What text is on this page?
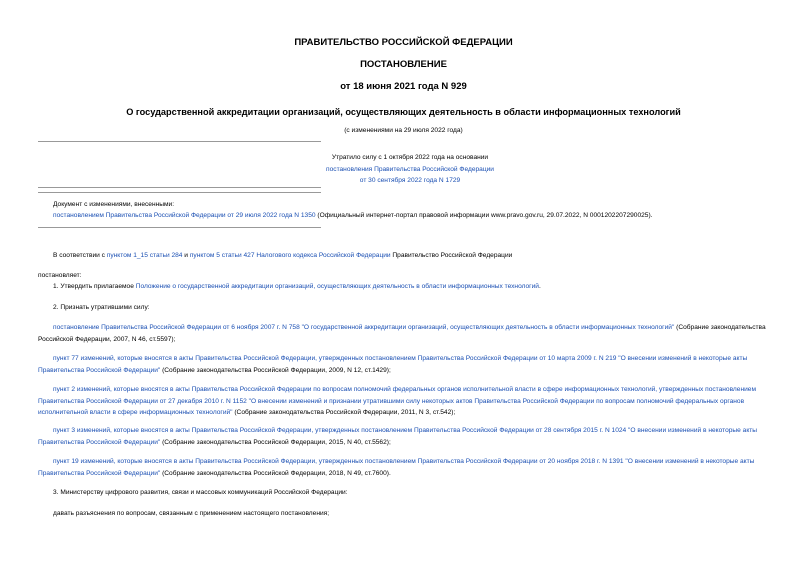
ПРАВИТЕЛЬСТВО РОССИЙСКОЙ ФЕДЕРАЦИИ
ПОСТАНОВЛЕНИЕ
от 18 июня 2021 года N 929
О государственной аккредитации организаций, осуществляющих деятельность в области информационных технологий
(с изменениями на 29 июля 2022 года)
Утратило силу с 1 октября 2022 года на основании
постановления Правительства Российской Федерации
от 30 сентября 2022 года N 1729
Документ с изменениями, внесенными:
постановлением Правительства Российской Федерации от 29 июля 2022 года N 1350 (Официальный интернет-портал правовой информации www.pravo.gov.ru, 29.07.2022, N 0001202207290025).
В соответствии с пунктом 1_15 статьи 284 и пунктом 5 статьи 427 Налогового кодекса Российской Федерации Правительство Российской Федерации
постановляет:
1. Утвердить прилагаемое Положение о государственной аккредитации организаций, осуществляющих деятельность в области информационных технологий.
2. Признать утратившими силу:
постановление Правительства Российской Федерации от 6 ноября 2007 г. N 758 "О государственной аккредитации организаций, осуществляющих деятельность в области информационных технологий" (Собрание законодательства Российской Федерации, 2007, N 46, ст.5597);
пункт 77 изменений, которые вносятся в акты Правительства Российской Федерации, утвержденных постановлением Правительства Российской Федерации от 10 марта 2009 г. N 219 "О внесении изменений в некоторые акты Правительства Российской Федерации" (Собрание законодательства Российской Федерации, 2009, N 12, ст.1429);
пункт 2 изменений, которые вносятся в акты Правительства Российской Федерации по вопросам полномочий федеральных органов исполнительной власти в сфере информационных технологий, утвержденных постановлением Правительства Российской Федерации от 27 декабря 2010 г. N 1152 "О внесении изменений и признании утратившими силу некоторых актов Правительства Российской Федерации по вопросам полномочий федеральных органов исполнительной власти в сфере информационных технологий" (Собрание законодательства Российской Федерации, 2011, N 3, ст.542);
пункт 3 изменений, которые вносятся в акты Правительства Российской Федерации, утвержденных постановлением Правительства Российской Федерации от 28 сентября 2015 г. N 1024 "О внесении изменений в некоторые акты Правительства Российской Федерации" (Собрание законодательства Российской Федерации, 2015, N 40, ст.5562);
пункт 19 изменений, которые вносятся в акты Правительства Российской Федерации, утвержденных постановлением Правительства Российской Федерации от 20 ноября 2018 г. N 1391 "О внесении изменений в некоторые акты Правительства Российской Федерации" (Собрание законодательства Российской Федерации, 2018, N 49, ст.7600).
3. Министерству цифрового развития, связи и массовых коммуникаций Российской Федерации:
давать разъяснения по вопросам, связанным с применением настоящего постановления;
